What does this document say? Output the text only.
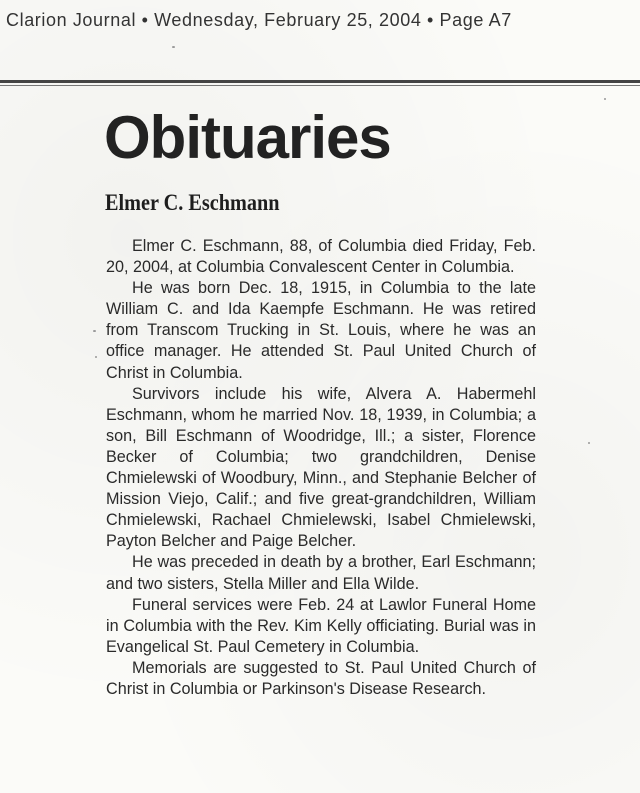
Clarion Journal • Wednesday, February 25, 2004 • Page A7
Obituaries
Elmer C. Eschmann

Elmer C. Eschmann, 88, of Columbia died Friday, Feb. 20, 2004, at Columbia Convalescent Center in Columbia.

He was born Dec. 18, 1915, in Columbia to the late William C. and Ida Kaempfe Eschmann. He was retired from Transcom Trucking in St. Louis, where he was an office manager. He attended St. Paul United Church of Christ in Columbia.

Survivors include his wife, Alvera A. Habermehl Eschmann, whom he married Nov. 18, 1939, in Columbia; a son, Bill Eschmann of Woodridge, Ill.; a sister, Florence Becker of Columbia; two grandchildren, Denise Chmielewski of Woodbury, Minn., and Stephanie Belcher of Mission Viejo, Calif.; and five great-grandchildren, William Chmielewski, Rachael Chmielewski, Isabel Chmielewski, Payton Belcher and Paige Belcher.

He was preceded in death by a brother, Earl Eschmann; and two sisters, Stella Miller and Ella Wilde.

Funeral services were Feb. 24 at Lawlor Funeral Home in Columbia with the Rev. Kim Kelly officiating. Burial was in Evangelical St. Paul Cemetery in Columbia.

Memorials are suggested to St. Paul United Church of Christ in Columbia or Parkinson's Disease Research.
